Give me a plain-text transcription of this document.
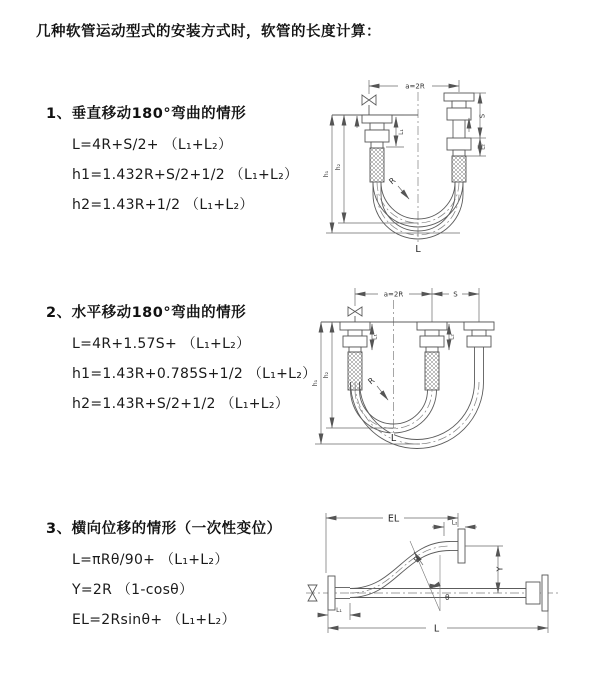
几种软管运动型式的安装方式时，软管的长度计算：
1、垂直移动180°弯曲的情形
L=4R+S/2+ （L₁+L₂）
h1=1.432R+S/2+1/2 （L₁+L₂）
h2=1.43R+1/2 （L₁+L₂）
2、水平移动180°弯曲的情形
L=4R+1.57S+ （L₁+L₂）
h1=1.43R+0.785S+1/2 （L₁+L₂）
h2=1.43R+S/2+1/2 （L₁+L₂）
3、横向位移的情形（一次性变位）
L=πRθ/90+ （L₁+L₂）
Y=2R （1-cosθ）
EL=2Rsinθ+ （L₁+L₂）
a=2R
L₁
S
L₂
h₁
h₂
R
L
a=2R	S
L₁	L₂
h₁
h₂
R
L
EL	L₂
Y
θ
R
L₁
L
